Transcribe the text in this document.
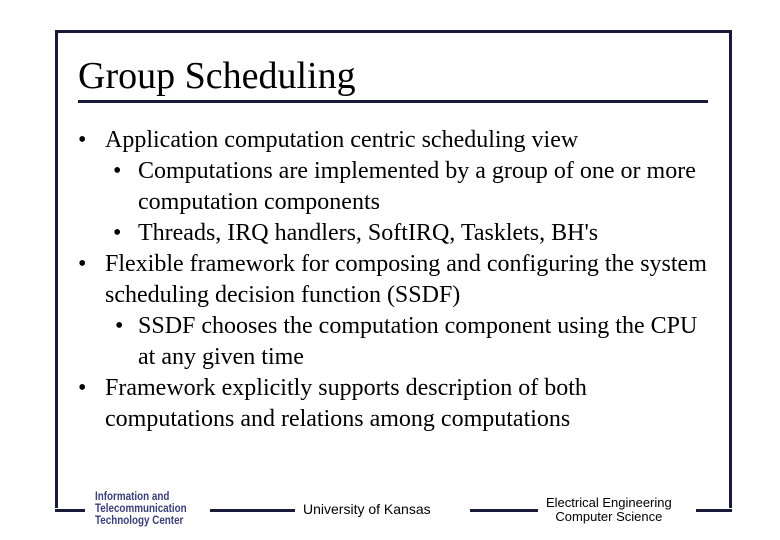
Group Scheduling
• Application computation centric scheduling view
• Computations are implemented by a group of one or more computation components
• Threads, IRQ handlers, SoftIRQ, Tasklets, BH's
• Flexible framework for composing and configuring the system scheduling decision function (SSDF)
• SSDF chooses the computation component using the CPU at any given time
• Framework explicitly supports description of both computations and relations among computations
Information and
Telecommunication
Technology Center
University of Kansas	Electrical Engineering
Computer Science
